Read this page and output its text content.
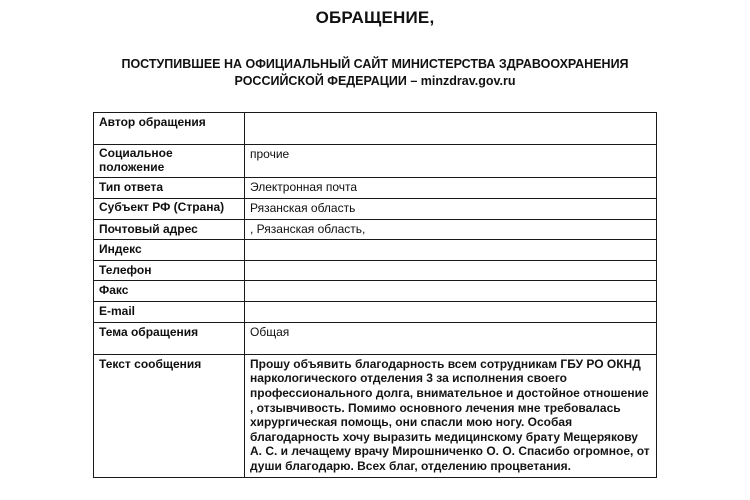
ОБРАЩЕНИЕ,
ПОСТУПИВШЕЕ НА ОФИЦИАЛЬНЫЙ САЙТ МИНИСТЕРСТВА ЗДРАВООХРАНЕНИЯ
РОССИЙСКОЙ ФЕДЕРАЦИИ – minzdrav.gov.ru
Автор обращения	
Социальное положение	прочие
Тип ответа	Электронная почта
Субъект РФ (Страна)	Рязанская область
Почтовый адрес	, Рязанская область,
Индекс	
Телефон	
Факс	
E-mail	
Тема обращения	Общая
Текст сообщения	Прошу объявить благодарность всем сотрудникам ГБУ РО ОКНД наркологического отделения 3 за исполнения своего профессионального долга, внимательное и достойное отношение , отзывчивость. Помимо основного лечения мне требовалась хирургическая помощь, они спасли мою ногу. Особая благодарность хочу выразить медицинскому брату Мещерякову А. С. и лечащему врачу Мирошниченко О. О. Спасибо огромное, от души благодарю. Всех благ, отделению процветания.
